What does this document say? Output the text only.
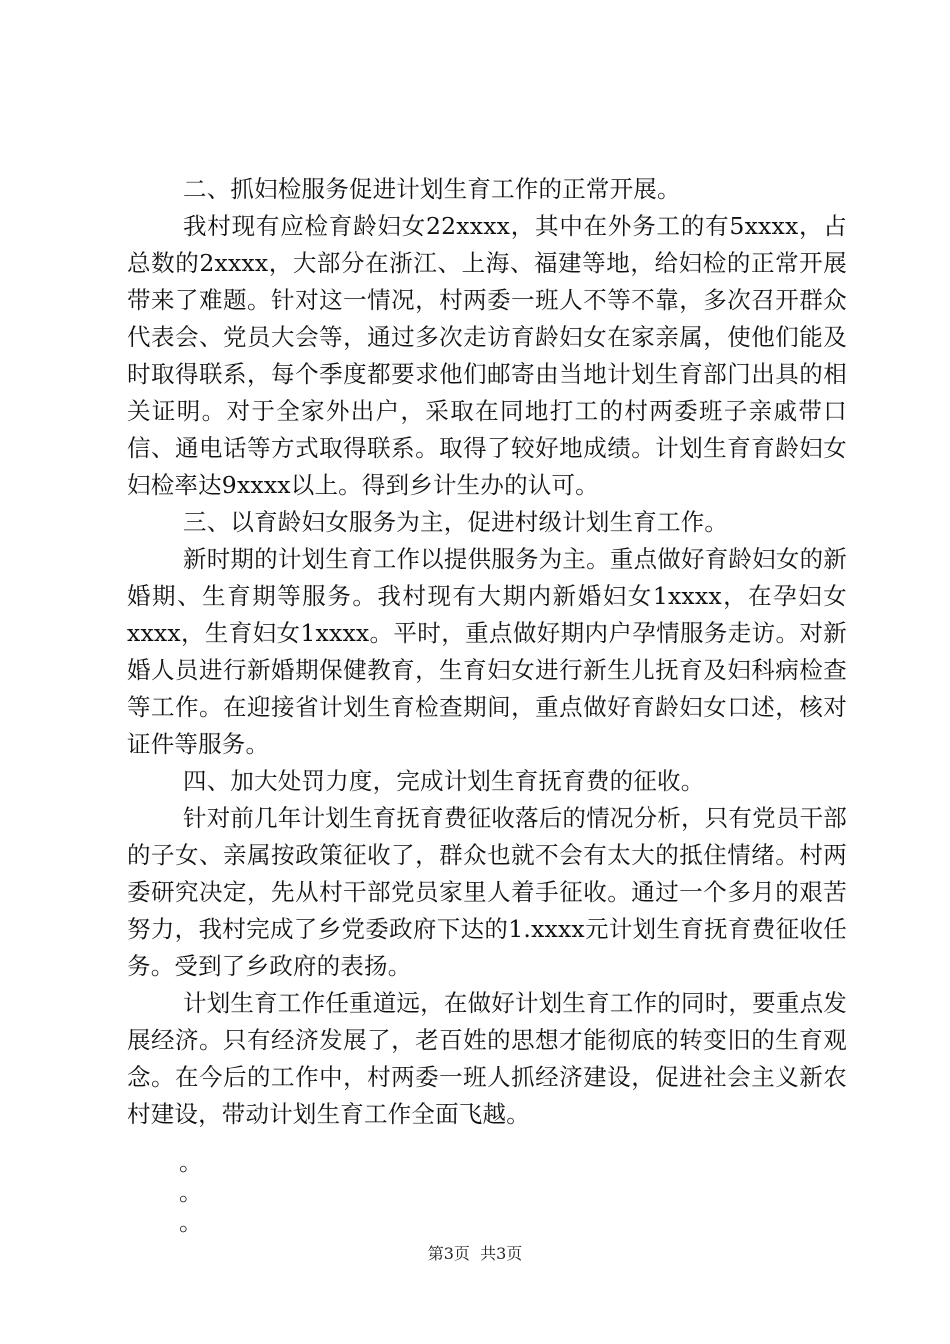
二、抓妇检服务促进计划生育工作的正常开展。

我村现有应检育龄妇女22xxxx，其中在外务工的有5xxxx，占总数的2xxxx，大部分在浙江、上海、福建等地，给妇检的正常开展带来了难题。针对这一情况，村两委一班人不等不靠，多次召开群众代表会、党员大会等，通过多次走访育龄妇女在家亲属，使他们能及时取得联系，每个季度都要求他们邮寄由当地计划生育部门出具的相关证明。对于全家外出户，采取在同地打工的村两委班子亲戚带口信、通电话等方式取得联系。取得了较好地成绩。计划生育育龄妇女妇检率达9xxxx以上。得到乡计生办的认可。

三、以育龄妇女服务为主，促进村级计划生育工作。

新时期的计划生育工作以提供服务为主。重点做好育龄妇女的新婚期、生育期等服务。我村现有大期内新婚妇女1xxxx，在孕妇女xxxx，生育妇女1xxxx。平时，重点做好期内户孕情服务走访。对新婚人员进行新婚期保健教育，生育妇女进行新生儿抚育及妇科病检查等工作。在迎接省计划生育检查期间，重点做好育龄妇女口述，核对证件等服务。

四、加大处罚力度，完成计划生育抚育费的征收。

针对前几年计划生育抚育费征收落后的情况分析，只有党员干部的子女、亲属按政策征收了，群众也就不会有太大的抵住情绪。村两委研究决定，先从村干部党员家里人着手征收。通过一个多月的艰苦努力，我村完成了乡党委政府下达的1.xxxx元计划生育抚育费征收任务。受到了乡政府的表扬。

计划生育工作任重道远，在做好计划生育工作的同时，要重点发展经济。只有经济发展了，老百姓的思想才能彻底的转变旧的生育观念。在今后的工作中，村两委一班人抓经济建设，促进社会主义新农村建设，带动计划生育工作全面飞越。

。

。

。

第3页  共3页
